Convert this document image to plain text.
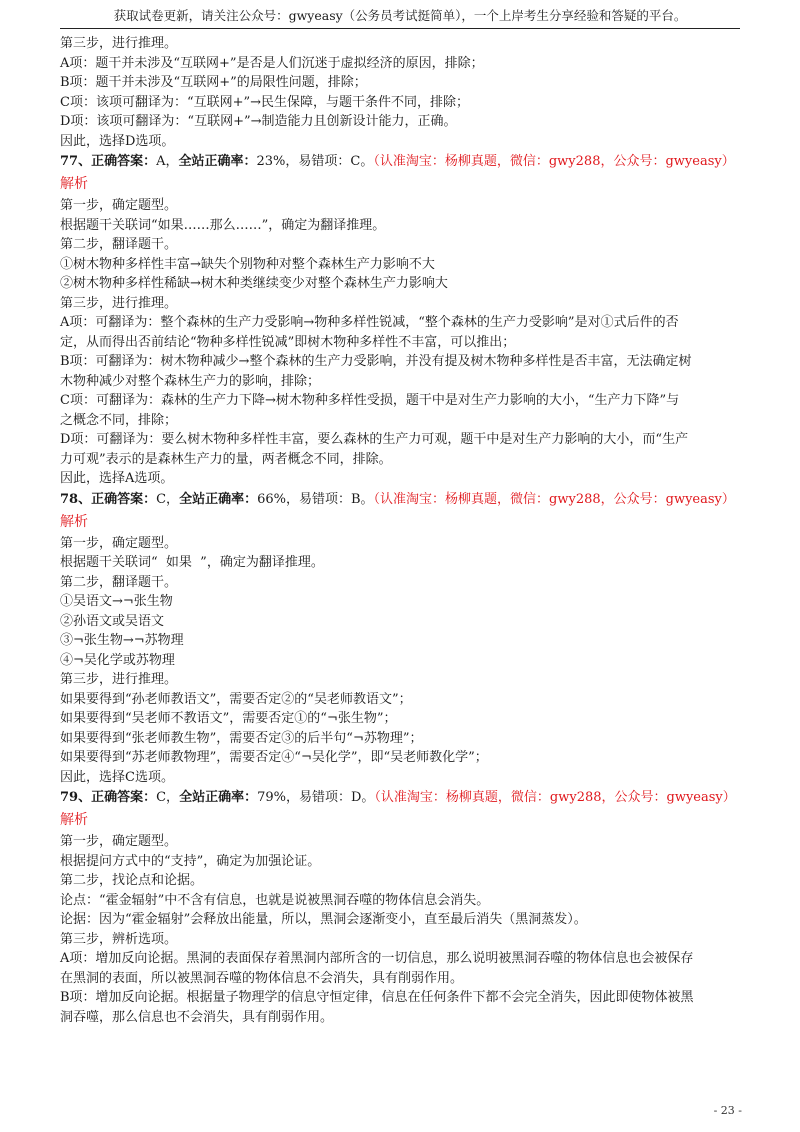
获取试卷更新，请关注公众号：gwyeasy（公务员考试挺简单），一个上岸考生分享经验和答疑的平台。

第三步，进行推理。

A项：题干并未涉及“互联网+”是否是人们沉迷于虚拟经济的原因，排除；

B项：题干并未涉及“互联网+”的局限性问题，排除；

C项：该项可翻译为：“互联网+”→民生保障，与题干条件不同，排除；

D项：该项可翻译为：“互联网+”→制造能力且创新设计能力，正确。

因此，选择D选项。

77、正确答案：A，全站正确率：23%，易错项：C。（认准淘宝：杨柳真题，微信：gwy288，公众号：gwyeasy）

解析

第一步，确定题型。

根据题干关联词“如果……那么……”，确定为翻译推理。

第二步，翻译题干。

①树木物种多样性丰富→缺失个别物种对整个森林生产力影响不大

②树木物种多样性稀缺→树木种类继续变少对整个森林生产力影响大

第三步，进行推理。

A项：可翻译为：整个森林的生产力受影响→物种多样性锐减，“整个森林的生产力受影响”是对①式后件的否

定，从而得出否前结论“物种多样性锐减”即树木物种多样性不丰富，可以推出；

B项：可翻译为：树木物种减少→整个森林的生产力受影响，并没有提及树木物种多样性是否丰富，无法确定树

木物种减少对整个森林生产力的影响，排除；

C项：可翻译为：森林的生产力下降→树木物种多样性受损，题干中是对生产力影响的大小，“生产力下降”与

之概念不同，排除；

D项：可翻译为：要么树木物种多样性丰富，要么森林的生产力可观，题干中是对生产力影响的大小，而“生产

力可观”表示的是森林生产力的量，两者概念不同，排除。

因此，选择A选项。

78、正确答案：C，全站正确率：66%，易错项：B。（认准淘宝：杨柳真题，微信：gwy288，公众号：gwyeasy）

解析

第一步，确定题型。

根据题干关联词“  如果  ”，确定为翻译推理。

第二步，翻译题干。

①吴语文→¬张生物

②孙语文或吴语文

③¬张生物→¬苏物理

④¬吴化学或苏物理

第三步，进行推理。

如果要得到“孙老师教语文”，需要否定②的“吴老师教语文”；

如果要得到“吴老师不教语文”，需要否定①的“¬张生物”；

如果要得到“张老师教生物”，需要否定③的后半句“¬苏物理”；

如果要得到“苏老师教物理”，需要否定④“¬吴化学”，即“吴老师教化学”；

因此，选择C选项。

79、正确答案：C，全站正确率：79%，易错项：D。（认准淘宝：杨柳真题，微信：gwy288，公众号：gwyeasy）

解析

第一步，确定题型。

根据提问方式中的“支持”，确定为加强论证。

第二步，找论点和论据。

论点：“霍金辐射”中不含有信息，也就是说被黑洞吞噬的物体信息会消失。

论据：因为“霍金辐射”会释放出能量，所以，黑洞会逐渐变小，直至最后消失（黑洞蒸发）。

第三步，辨析选项。

A项：增加反向论据。黑洞的表面保存着黑洞内部所含的一切信息，那么说明被黑洞吞噬的物体信息也会被保存

在黑洞的表面，所以被黑洞吞噬的物体信息不会消失，具有削弱作用。

B项：增加反向论据。根据量子物理学的信息守恒定律，信息在任何条件下都不会完全消失，因此即使物体被黑

洞吞噬，那么信息也不会消失，具有削弱作用。

- 23 -
